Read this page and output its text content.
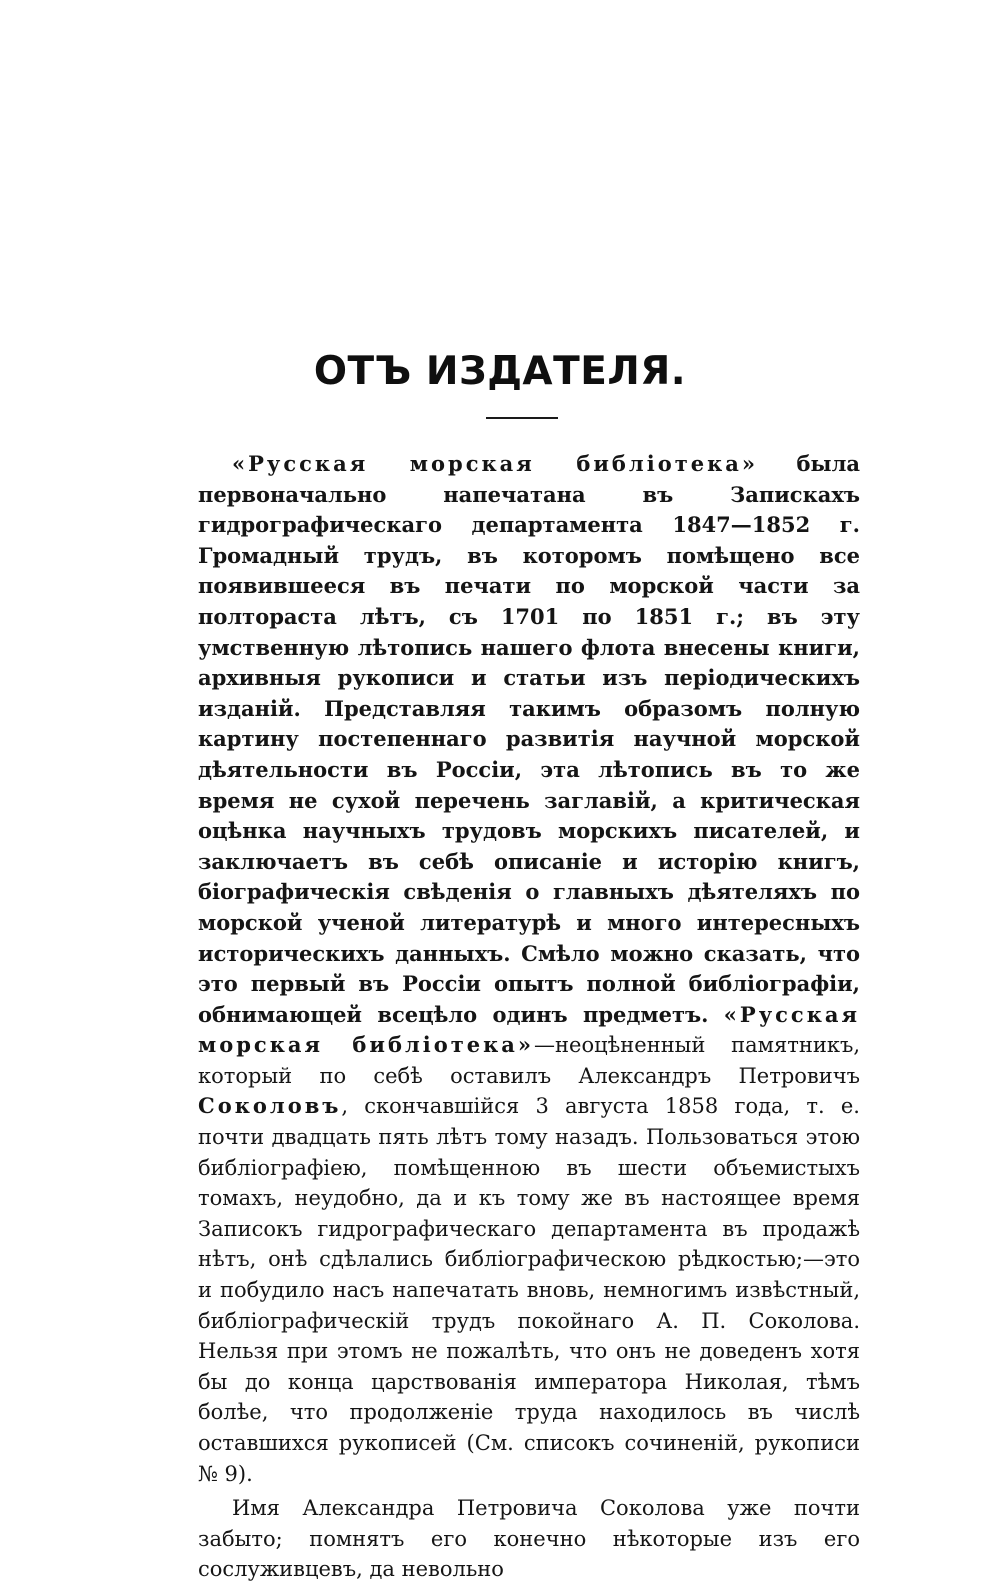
ОТЪ ИЗДАТЕЛЯ.

«Русская морская библіотека» была первоначально напечатана въ Запискахъ гидрографическаго департамента 1847—1852 г. Громадный трудъ, въ которомъ помѣщено все появившееся въ печати по морской части за полтораста лѣтъ, съ 1701 по 1851 г.; въ эту умственную лѣтопись нашего флота внесены книги, архивныя рукописи и статьи изъ періодическихъ изданій. Представляя такимъ образомъ полную картину постепеннаго развитія научной морской дѣятельности въ Россіи, эта лѣтопись въ то же время не сухой перечень заглавій, а критическая оцѣнка научныхъ трудовъ морскихъ писателей, и заключаетъ въ себѣ описаніе и исторію книгъ, біографическія свѣденія о главныхъ дѣятеляхъ по морской ученой литературѣ и много интересныхъ историческихъ данныхъ. Смѣло можно сказать, что это первый въ Россіи опытъ полной библіографіи, обнимающей всецѣло одинъ предметъ. «Русская морская библіотека»—неоцѣненный памятникъ, который по себѣ оставилъ Александръ Петровичъ Соколовъ, скончавшійся 3 августа 1858 года, т. е. почти двадцать пять лѣтъ тому назадъ. Пользоваться этою библіографіею, помѣщенною въ шести объемистыхъ томахъ, неудобно, да и къ тому же въ настоящее время Записокъ гидрографическаго департамента въ продажѣ нѣтъ, онѣ сдѣлались библіографическою рѣдкостью;—это и побудило насъ напечатать вновь, немногимъ извѣстный, библіографическій трудъ покойнаго А. П. Соколова. Нельзя при этомъ не пожалѣть, что онъ не доведенъ хотя бы до конца царствованія императора Николая, тѣмъ болѣе, что продолженіе труда находилось въ числѣ оставшихся рукописей (См. списокъ сочиненій, рукописи № 9).

Имя Александра Петровича Соколова уже почти забыто; помнятъ его конечно нѣкоторые изъ его сослуживцевъ, да невольно
